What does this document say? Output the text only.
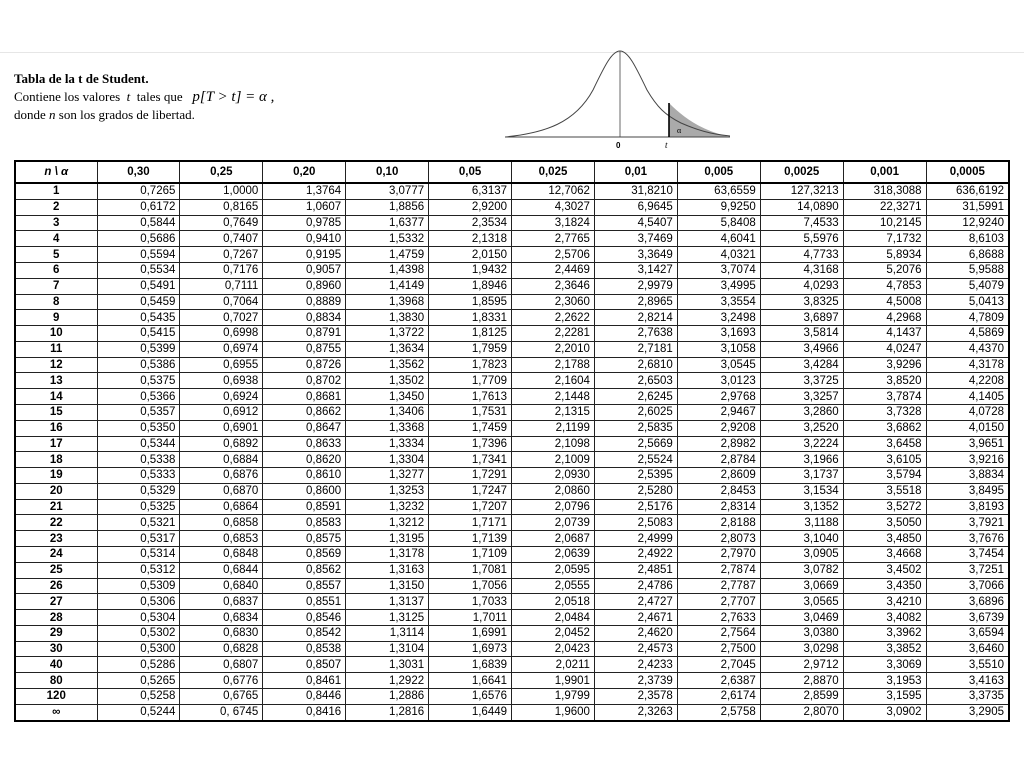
Tabla de la t de Student.
Contiene los valores t tales que p[T > t] = α ,
donde n son los grados de libertad.
0	t
α
n \ α	0,30	0,25	0,20	0,10	0,05	0,025	0,01	0,005	0,0025	0,001	0,0005
1	0,7265	1,0000	1,3764	3,0777	6,3137	12,7062	31,8210	63,6559	127,3213	318,3088	636,6192
2	0,6172	0,8165	1,0607	1,8856	2,9200	4,3027	6,9645	9,9250	14,0890	22,3271	31,5991
3	0,5844	0,7649	0,9785	1,6377	2,3534	3,1824	4,5407	5,8408	7,4533	10,2145	12,9240
4	0,5686	0,7407	0,9410	1,5332	2,1318	2,7765	3,7469	4,6041	5,5976	7,1732	8,6103
5	0,5594	0,7267	0,9195	1,4759	2,0150	2,5706	3,3649	4,0321	4,7733	5,8934	6,8688
6	0,5534	0,7176	0,9057	1,4398	1,9432	2,4469	3,1427	3,7074	4,3168	5,2076	5,9588
7	0,5491	0,7111	0,8960	1,4149	1,8946	2,3646	2,9979	3,4995	4,0293	4,7853	5,4079
8	0,5459	0,7064	0,8889	1,3968	1,8595	2,3060	2,8965	3,3554	3,8325	4,5008	5,0413
9	0,5435	0,7027	0,8834	1,3830	1,8331	2,2622	2,8214	3,2498	3,6897	4,2968	4,7809
10	0,5415	0,6998	0,8791	1,3722	1,8125	2,2281	2,7638	3,1693	3,5814	4,1437	4,5869
11	0,5399	0,6974	0,8755	1,3634	1,7959	2,2010	2,7181	3,1058	3,4966	4,0247	4,4370
12	0,5386	0,6955	0,8726	1,3562	1,7823	2,1788	2,6810	3,0545	3,4284	3,9296	4,3178
13	0,5375	0,6938	0,8702	1,3502	1,7709	2,1604	2,6503	3,0123	3,3725	3,8520	4,2208
14	0,5366	0,6924	0,8681	1,3450	1,7613	2,1448	2,6245	2,9768	3,3257	3,7874	4,1405
15	0,5357	0,6912	0,8662	1,3406	1,7531	2,1315	2,6025	2,9467	3,2860	3,7328	4,0728
16	0,5350	0,6901	0,8647	1,3368	1,7459	2,1199	2,5835	2,9208	3,2520	3,6862	4,0150
17	0,5344	0,6892	0,8633	1,3334	1,7396	2,1098	2,5669	2,8982	3,2224	3,6458	3,9651
18	0,5338	0,6884	0,8620	1,3304	1,7341	2,1009	2,5524	2,8784	3,1966	3,6105	3,9216
19	0,5333	0,6876	0,8610	1,3277	1,7291	2,0930	2,5395	2,8609	3,1737	3,5794	3,8834
20	0,5329	0,6870	0,8600	1,3253	1,7247	2,0860	2,5280	2,8453	3,1534	3,5518	3,8495
21	0,5325	0,6864	0,8591	1,3232	1,7207	2,0796	2,5176	2,8314	3,1352	3,5272	3,8193
22	0,5321	0,6858	0,8583	1,3212	1,7171	2,0739	2,5083	2,8188	3,1188	3,5050	3,7921
23	0,5317	0,6853	0,8575	1,3195	1,7139	2,0687	2,4999	2,8073	3,1040	3,4850	3,7676
24	0,5314	0,6848	0,8569	1,3178	1,7109	2,0639	2,4922	2,7970	3,0905	3,4668	3,7454
25	0,5312	0,6844	0,8562	1,3163	1,7081	2,0595	2,4851	2,7874	3,0782	3,4502	3,7251
26	0,5309	0,6840	0,8557	1,3150	1,7056	2,0555	2,4786	2,7787	3,0669	3,4350	3,7066
27	0,5306	0,6837	0,8551	1,3137	1,7033	2,0518	2,4727	2,7707	3,0565	3,4210	3,6896
28	0,5304	0,6834	0,8546	1,3125	1,7011	2,0484	2,4671	2,7633	3,0469	3,4082	3,6739
29	0,5302	0,6830	0,8542	1,3114	1,6991	2,0452	2,4620	2,7564	3,0380	3,3962	3,6594
30	0,5300	0,6828	0,8538	1,3104	1,6973	2,0423	2,4573	2,7500	3,0298	3,3852	3,6460
40	0,5286	0,6807	0,8507	1,3031	1,6839	2,0211	2,4233	2,7045	2,9712	3,3069	3,5510
80	0,5265	0,6776	0,8461	1,2922	1,6641	1,9901	2,3739	2,6387	2,8870	3,1953	3,4163
120	0,5258	0,6765	0,8446	1,2886	1,6576	1,9799	2,3578	2,6174	2,8599	3,1595	3,3735
∞	0,5244	0, 6745	0,8416	1,2816	1,6449	1,9600	2,3263	2,5758	2,8070	3,0902	3,2905
